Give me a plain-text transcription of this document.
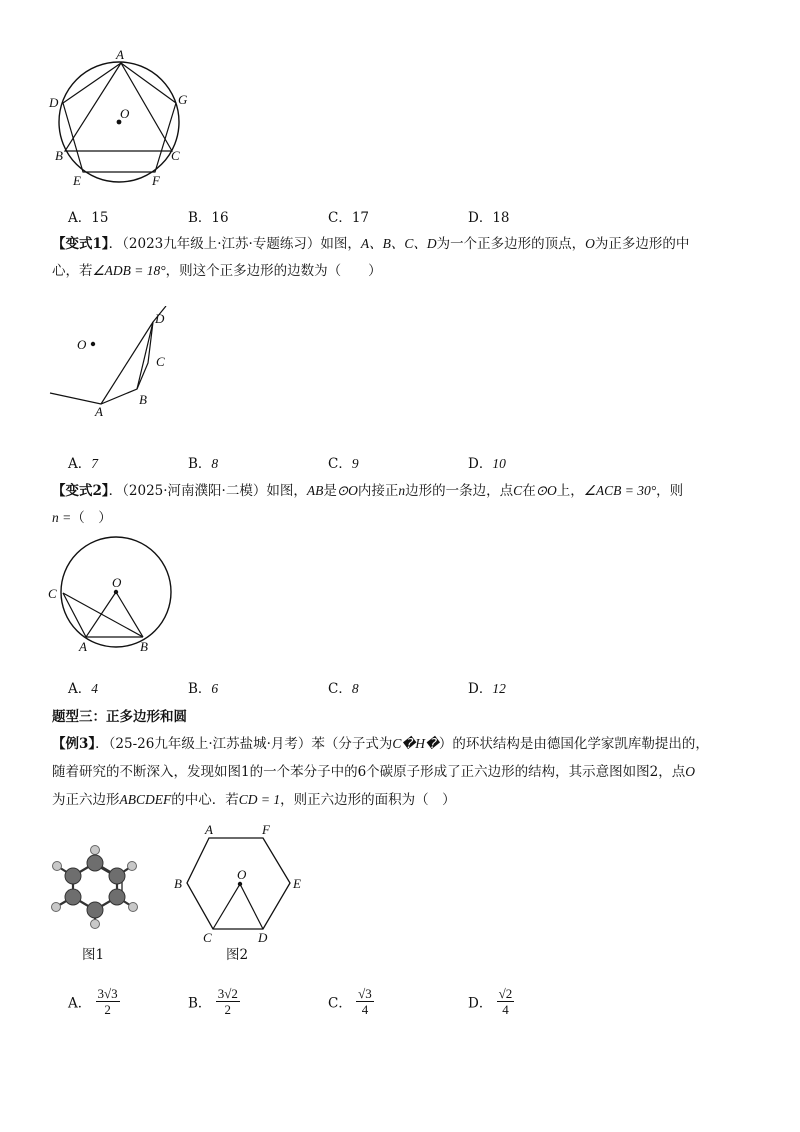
A
D	G
O
B	C
E	F
A．15	B．16	C．17	D．18
【变式1】．（2023九年级上·江苏·专题练习）如图，A、B、C、D为一个正多边形的顶点，O为正多边形的中
心，若∠ADB = 18°，则这个正多边形的边数为（　　）
O
D
C
B
A
A．7	B．8	C．9	D．10
【变式2】．（2025·河南濮阳·二模）如图，AB是⊙O内接正n边形的一条边，点C在⊙O上，∠ACB = 30°，则
n =（　）
O
C
A	B
A．4	B．6	C．8	D．12
题型三：正多边形和圆
【例3】．（25-26九年级上·江苏盐城·月考）苯（分子式为C�H�）的环状结构是由德国化学家凯库勒提出的，
随着研究的不断深入，发现如图1的一个苯分子中的6个碳原子形成了正六边形的结构，其示意图如图2，点O
为正六边形ABCDEF的中心．若CD = 1，则正六边形的面积为（　）
图1
A	F
B	E
O
C	D
图2
A． $\frac{3√3}{2}$	B． $\frac{3√2}{2}$	C． $\frac{√3}{4}$	D． $\frac{√2}{4}$
